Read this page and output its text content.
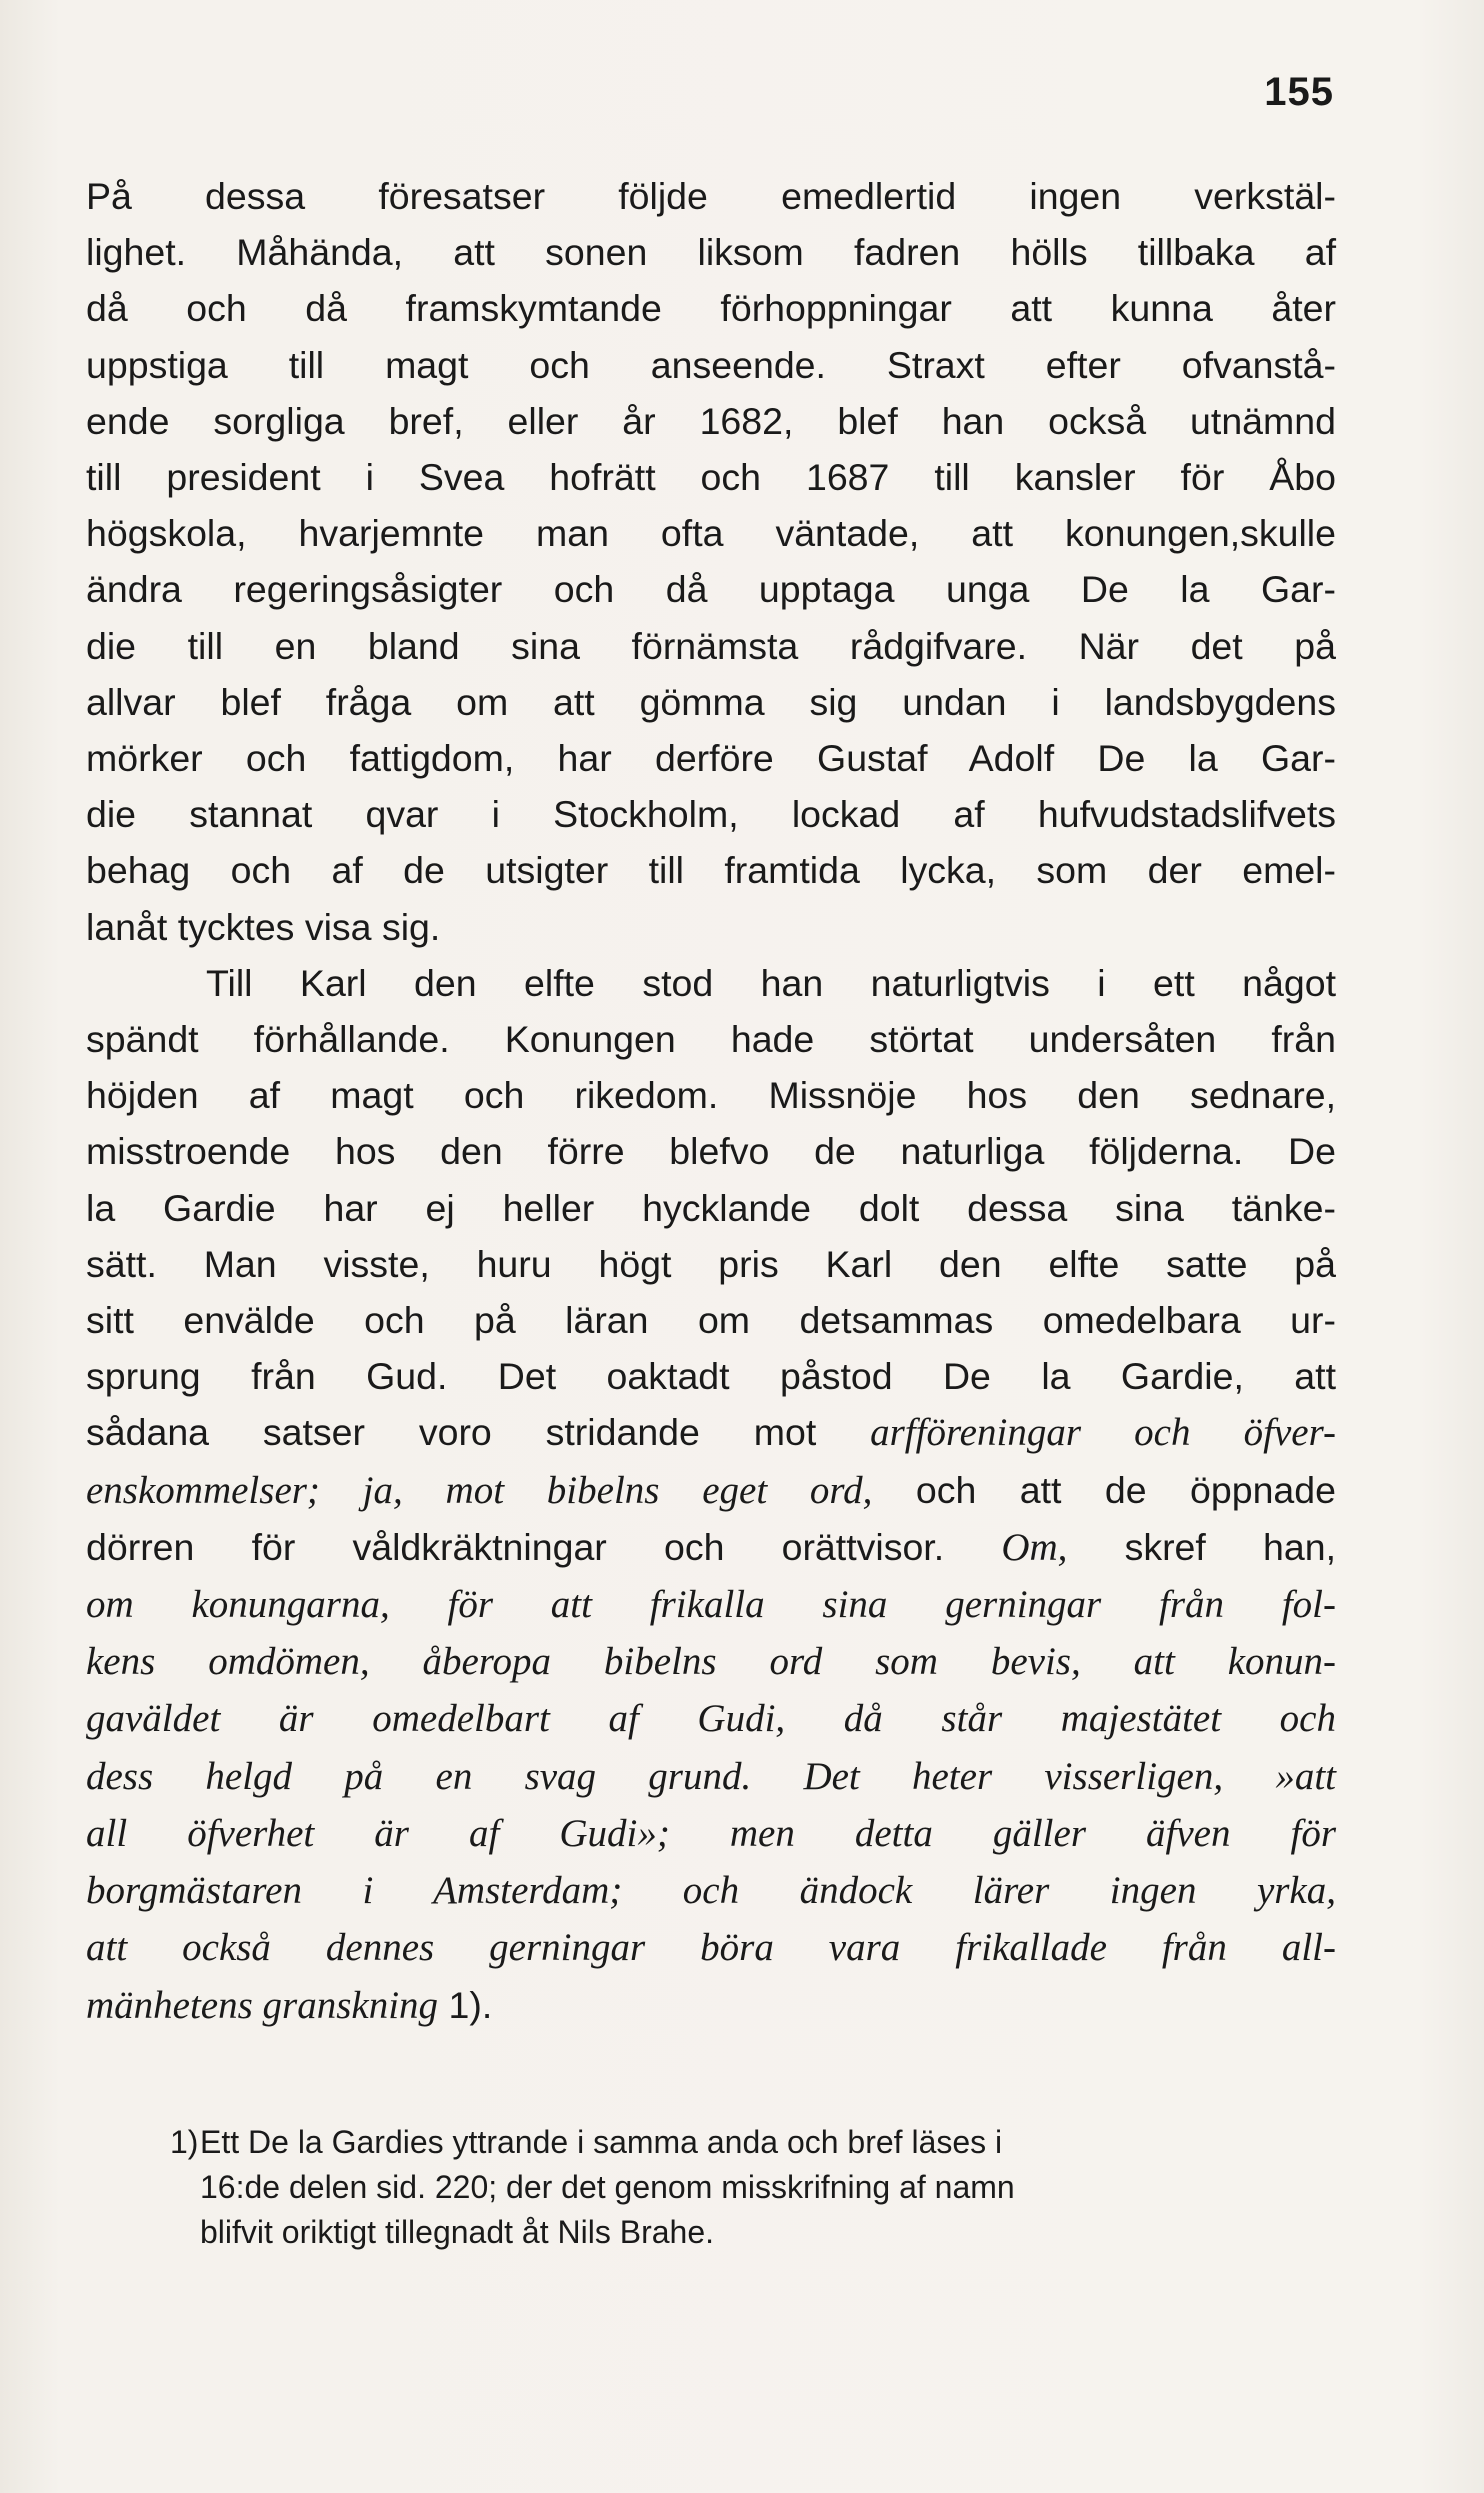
155
På dessa föresatser följde emedlertid ingen verkstäl-
lighet. Måhända, att sonen liksom fadren hölls tillbaka af
då och då framskymtande förhoppningar att kunna åter
uppstiga till magt och anseende. Straxt efter ofvanstå-
ende sorgliga bref, eller år 1682, blef han också utnämnd
till president i Svea hofrätt och 1687 till kansler för Åbo
högskola, hvarjemnte man ofta väntade, att konungen,skulle
ändra regeringsåsigter och då upptaga unga De la Gar-
die till en bland sina förnämsta rådgifvare. När det på
allvar blef fråga om att gömma sig undan i landsbygdens
mörker och fattigdom, har derföre Gustaf Adolf De la Gar-
die stannat qvar i Stockholm, lockad af hufvudstadslifvets
behag och af de utsigter till framtida lycka, som der emel-
lanåt tycktes visa sig.
Till Karl den elfte stod han naturligtvis i ett något
spändt förhållande. Konungen hade störtat undersåten från
höjden af magt och rikedom. Missnöje hos den sednare,
misstroende hos den förre blefvo de naturliga följderna. De
la Gardie har ej heller hycklande dolt dessa sina tänke-
sätt. Man visste, huru högt pris Karl den elfte satte på
sitt envälde och på läran om detsammas omedelbara ur-
sprung från Gud. Det oaktadt påstod De la Gardie, att
sådana satser voro stridande mot arfföreningar och öfver-
enskommelser; ja, mot bibelns eget ord, och att de öppnade
dörren för våldkräktningar och orättvisor. Om, skref han,
om konungarna, för att frikalla sina gerningar från fol-
kens omdömen, åberopa bibelns ord som bevis, att konun-
gaväldet är omedelbart af Gudi, då står majestätet och
dess helgd på en svag grund. Det heter visserligen, »att
all öfverhet är af Gudi»; men detta gäller äfven för
borgmästaren i Amsterdam; och ändock lärer ingen yrka,
att också dennes gerningar böra vara frikallade från all-
mänhetens granskning 1).
1) Ett De la Gardies yttrande i samma anda och bref läses i
16:de delen sid. 220; der det genom misskrifning af namn
blifvit oriktigt tillegnadt åt Nils Brahe.
